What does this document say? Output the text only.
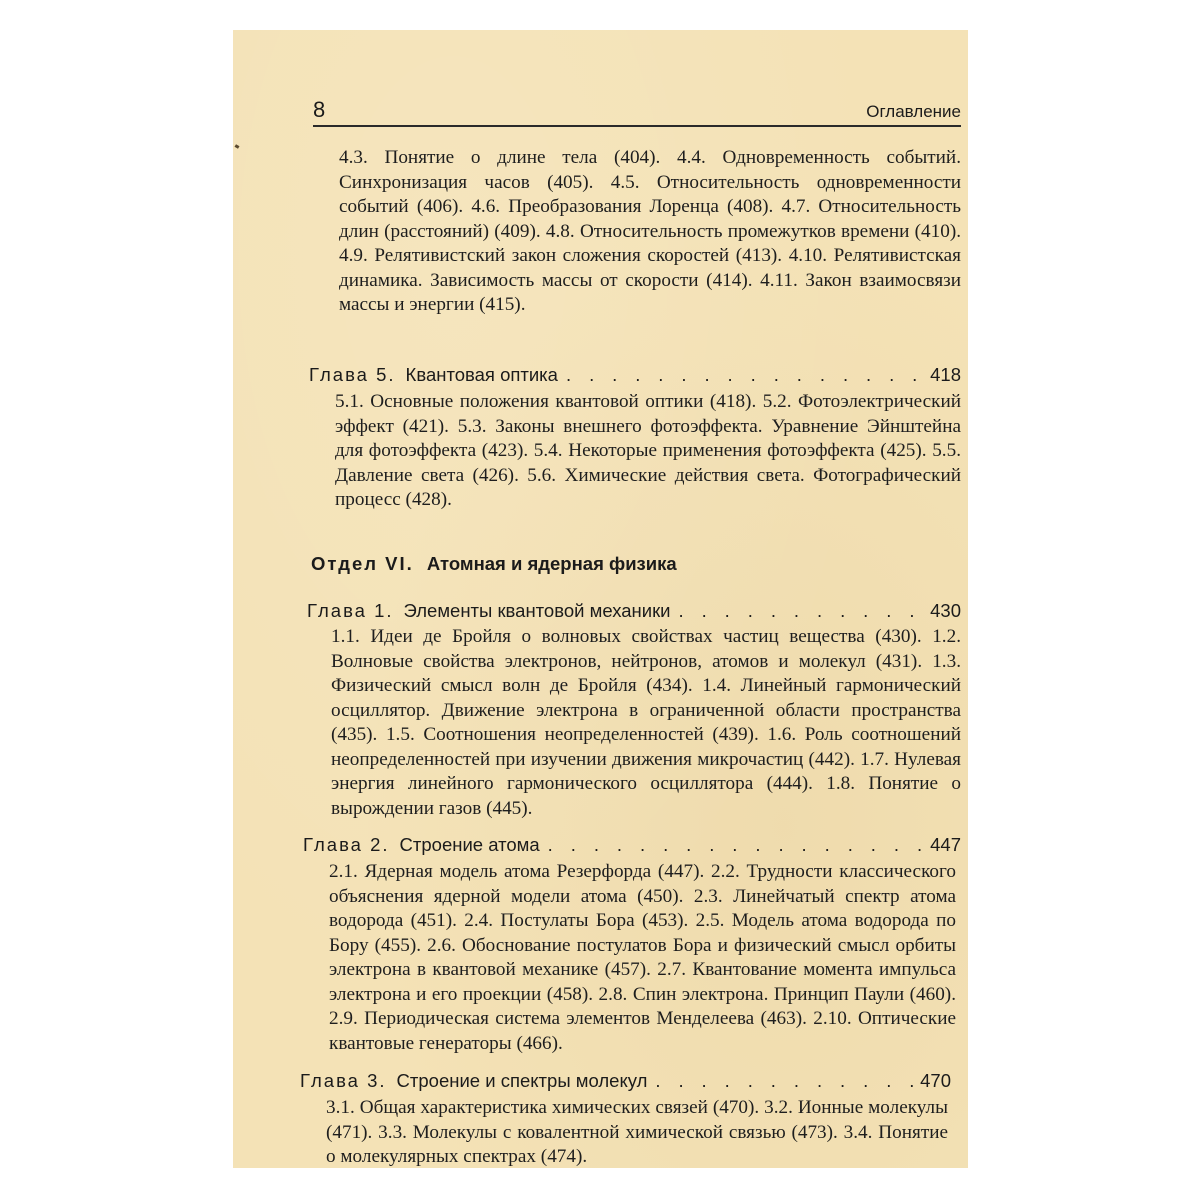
8	Оглавление
4.3. Понятие о длине тела (404). 4.4. Одновременность событий. Синхронизация часов (405). 4.5. Относительность одновременности событий (406). 4.6. Преобразования Лоренца (408). 4.7. Относительность длин (расстояний) (409). 4.8. Относительность промежутков времени (410). 4.9. Релятивистский закон сложения скоростей (413). 4.10. Релятивистская динамика. Зависимость массы от скорости (414). 4.11. Закон взаимосвязи массы и энергии (415).
Глава 5. Квантовая оптика . . .	418
5.1. Основные положения квантовой оптики (418). 5.2. Фотоэлектрический эффект (421). 5.3. Законы внешнего фотоэффекта. Уравнение Эйнштейна для фотоэффекта (423). 5.4. Некоторые применения фотоэффекта (425). 5.5. Давление света (426). 5.6. Химические действия света. Фотографический процесс (428).
Отдел VI. Атомная и ядерная физика
Глава 1. Элементы квантовой механики . . .	430
1.1. Идеи де Бройля о волновых свойствах частиц вещества (430). 1.2. Волновые свойства электронов, нейтронов, атомов и молекул (431). 1.3. Физический смысл волн де Бройля (434). 1.4. Линейный гармонический осциллятор. Движение электрона в ограниченной области пространства (435). 1.5. Соотношения неопределенностей (439). 1.6. Роль соотношений неопределенностей при изучении движения микрочастиц (442). 1.7. Нулевая энергия линейного гармонического осциллятора (444). 1.8. Понятие о вырождении газов (445).
Глава 2. Строение атома . . .	447
2.1. Ядерная модель атома Резерфорда (447). 2.2. Трудности классического объяснения ядерной модели атома (450). 2.3. Линейчатый спектр атома водорода (451). 2.4. Постулаты Бора (453). 2.5. Модель атома водорода по Бору (455). 2.6. Обоснование постулатов Бора и физический смысл орбиты электрона в квантовой механике (457). 2.7. Квантование момента импульса электрона и его проекции (458). 2.8. Спин электрона. Принцип Паули (460). 2.9. Периодическая система элементов Менделеева (463). 2.10. Оптические квантовые генераторы (466).
Глава 3. Строение и спектры молекул . . .	470
3.1. Общая характеристика химических связей (470). 3.2. Ионные молекулы (471). 3.3. Молекулы с ковалентной химической связью (473). 3.4. Понятие о молекулярных спектрах (474).
